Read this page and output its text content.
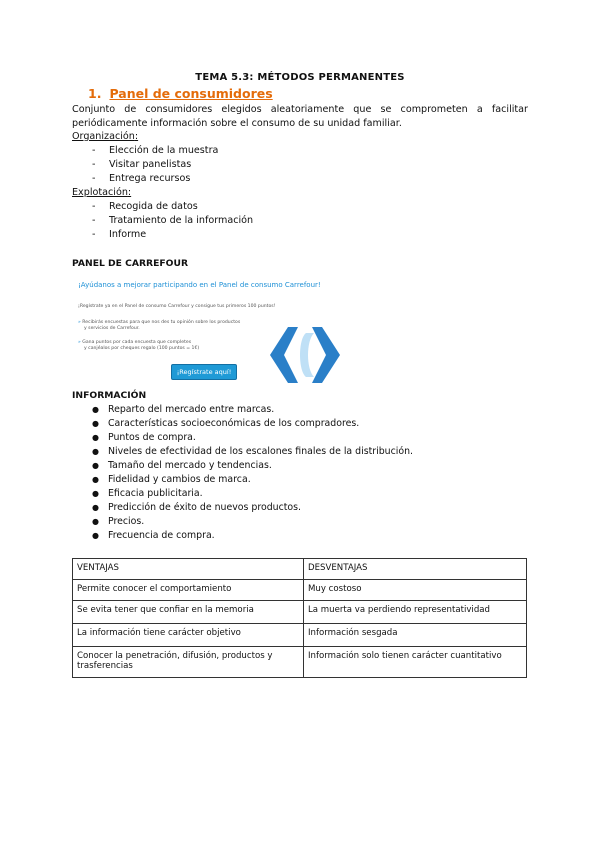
TEMA 5.3: MÉTODOS PERMANENTES
1. Panel de consumidores
Conjunto de consumidores elegidos aleatoriamente que se comprometen a facilitar periódicamente información sobre el consumo de su unidad familiar.
Organización:
- Elección de la muestra
- Visitar panelistas
- Entrega recursos
Explotación:
- Recogida de datos
- Tratamiento de la información
- Informe
PANEL DE CARREFOUR
¡Ayúdanos a mejorar participando en el Panel de consumo Carrefour!
¡Regístrate ya en el Panel de consumo Carrefour y consigue tus primeros 100 puntos!
» Recibirás encuestas para que nos des tu opinión sobre los productos
y servicios de Carrefour.
» Gana puntos por cada encuesta que completes
y canjéalos por cheques regalo (100 puntos = 1€)
¡Regístrate aquí!
INFORMACIÓN
● Reparto del mercado entre marcas.
● Características socioeconómicas de los compradores.
● Puntos de compra.
● Niveles de efectividad de los escalones finales de la distribución.
● Tamaño del mercado y tendencias.
● Fidelidad y cambios de marca.
● Eficacia publicitaria.
● Predicción de éxito de nuevos productos.
● Precios.
● Frecuencia de compra.
VENTAJAS	DESVENTAJAS
Permite conocer el comportamiento	Muy costoso
Se evita tener que confiar en la memoria	La muerta va perdiendo representatividad
La información tiene carácter objetivo	Información sesgada
Conocer la penetración, difusión, productos y trasferencias	Información solo tienen carácter cuantitativo
